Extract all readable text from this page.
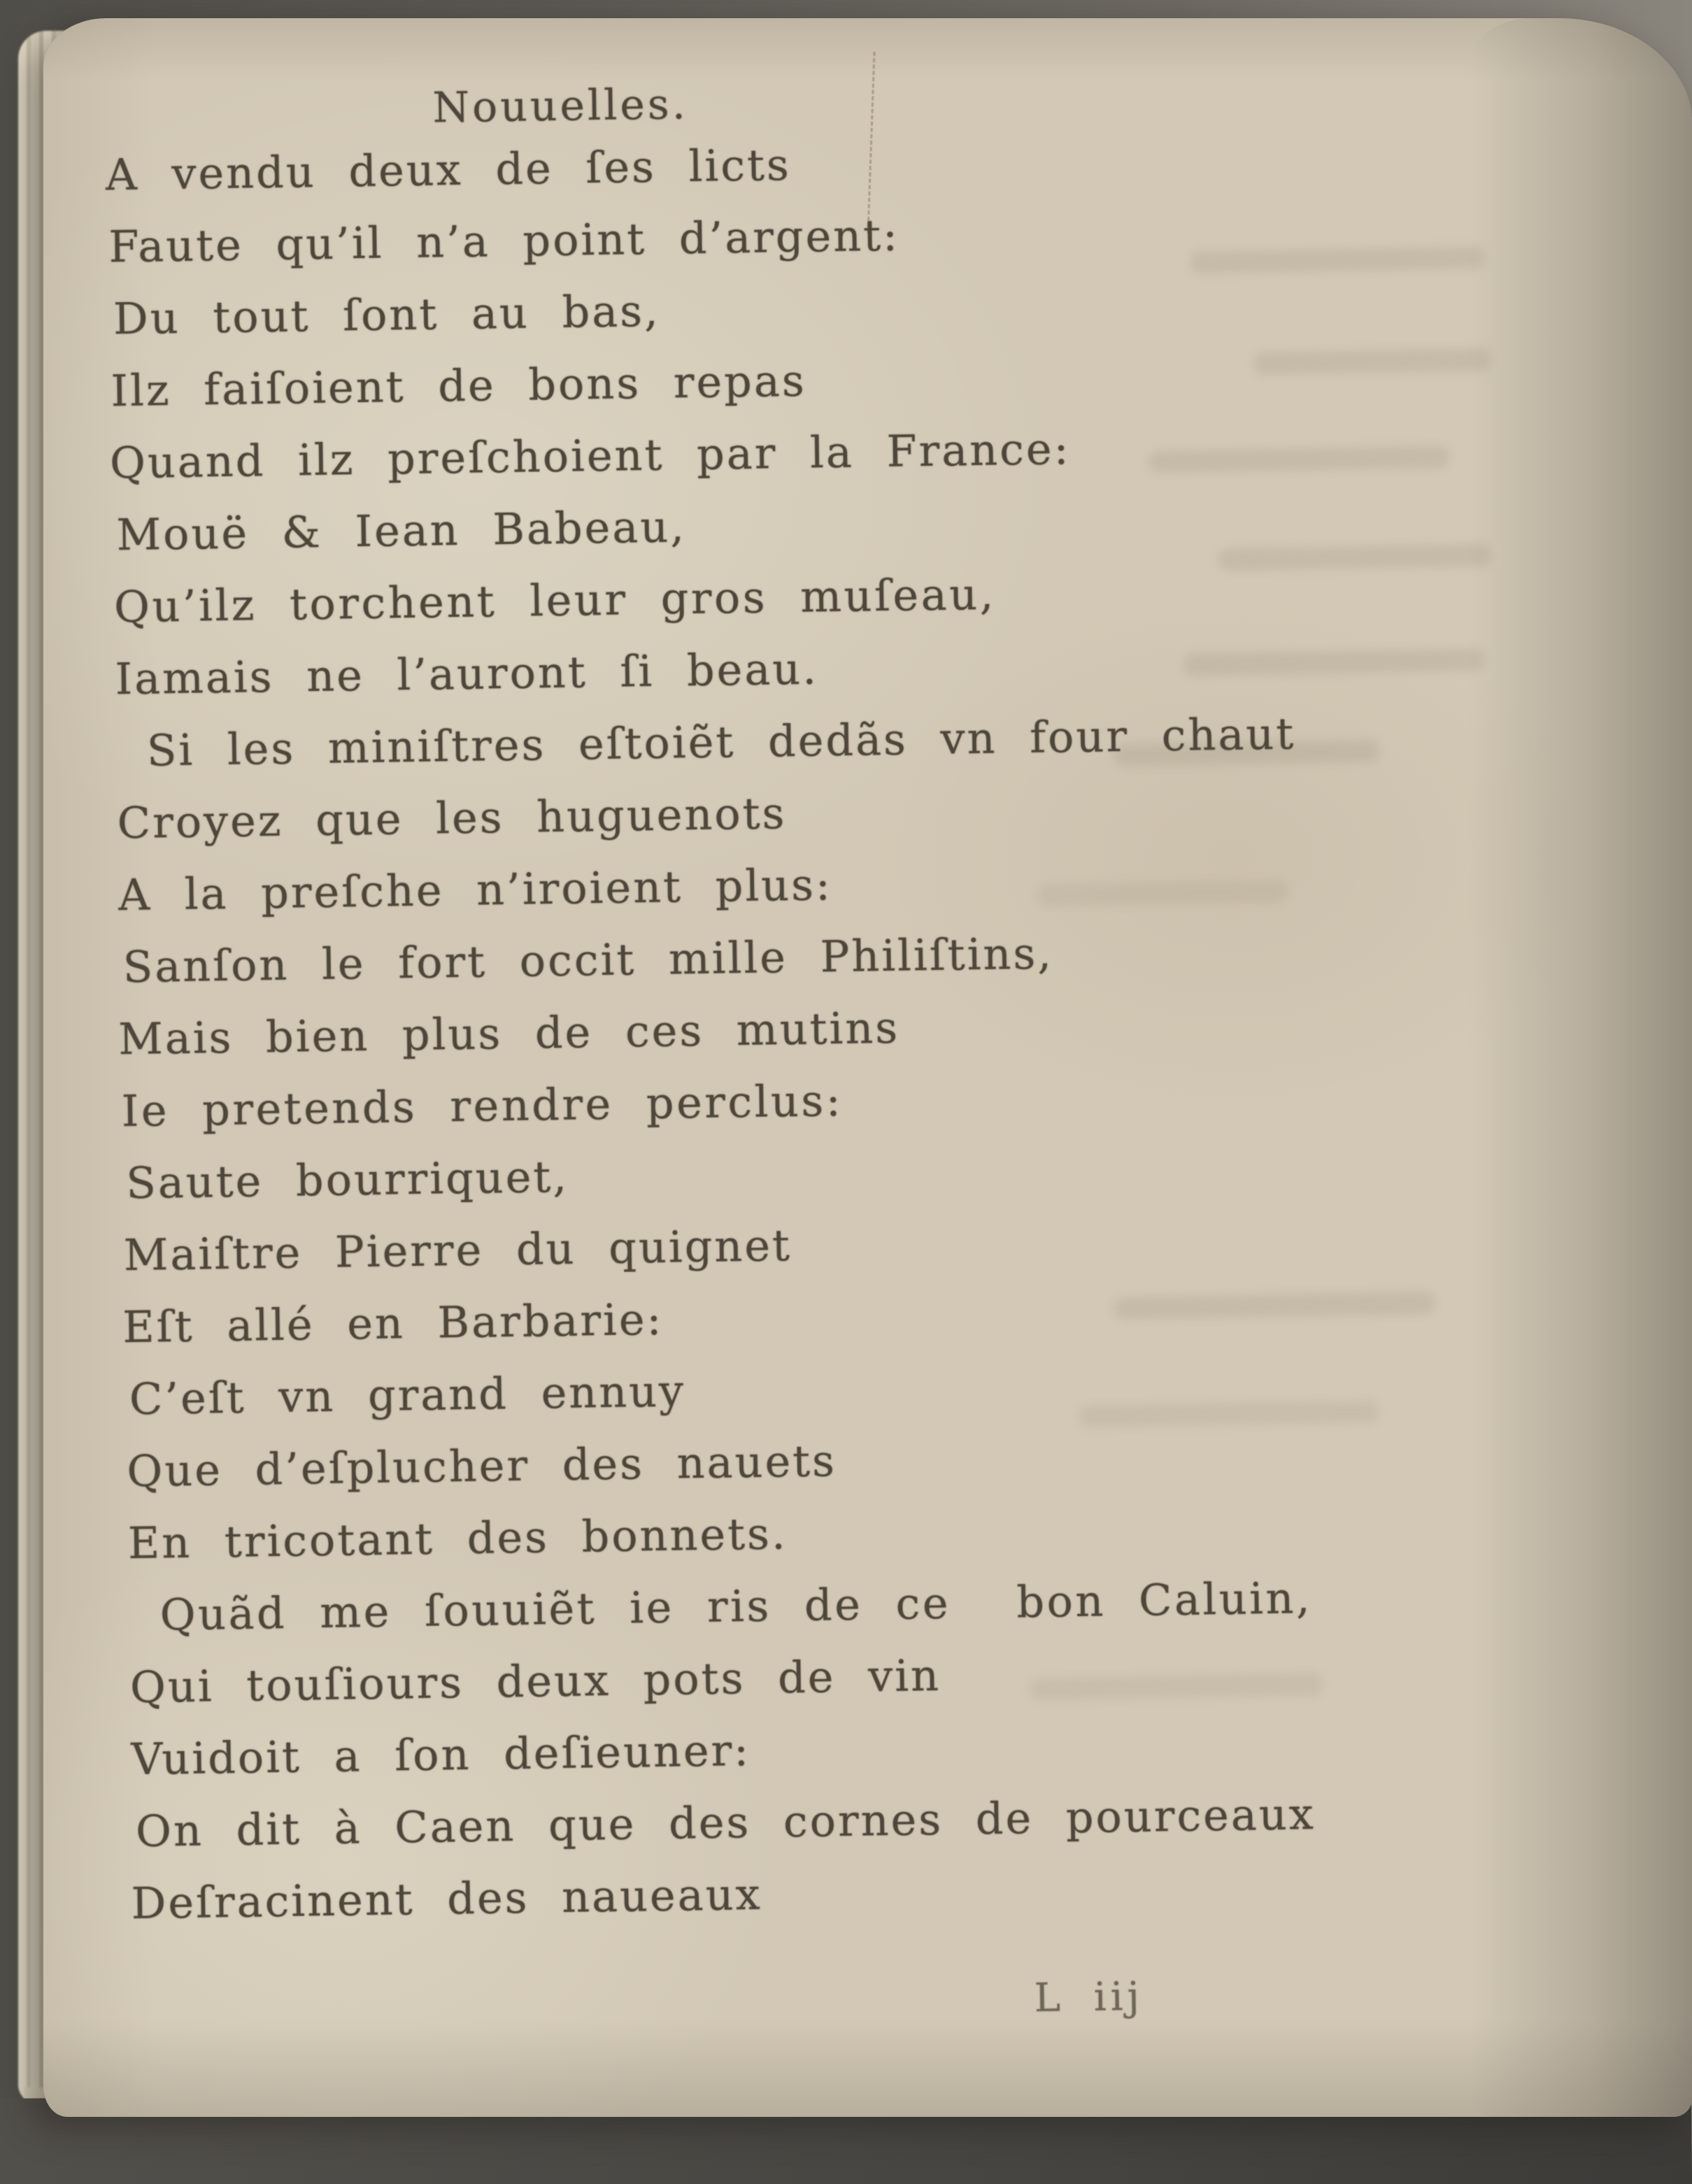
Nouuelles.
A vendu deux de ſes licts
Faute qu’il n’a point d’argent:
Du tout ſont au bas,
Ilz faiſoient de bons repas
Quand ilz preſchoient par la France:
Mouë & Iean Babeau,
Qu’ilz torchent leur gros muſeau,
Iamais ne l’auront ſi beau.
Si les miniſtres eſtoiẽt dedãs vn four chaut
Croyez que les huguenots
A la preſche n’iroient plus:
Sanſon le fort occit mille Philiſtins,
Mais bien plus de ces mutins
Ie pretends rendre perclus:
Saute bourriquet,
Maiſtre Pierre du quignet
Eſt allé en Barbarie:
C’eſt vn grand ennuy
Que d’eſplucher des nauets
En tricotant des bonnets.
Quãd me ſouuiẽt ie ris de ce  bon Caluin,
Qui touſiours deux pots de vin
Vuidoit a ſon deſieuner:
On dit à Caen que des cornes de pourceaux
Deſracinent des naueaux
L iij
